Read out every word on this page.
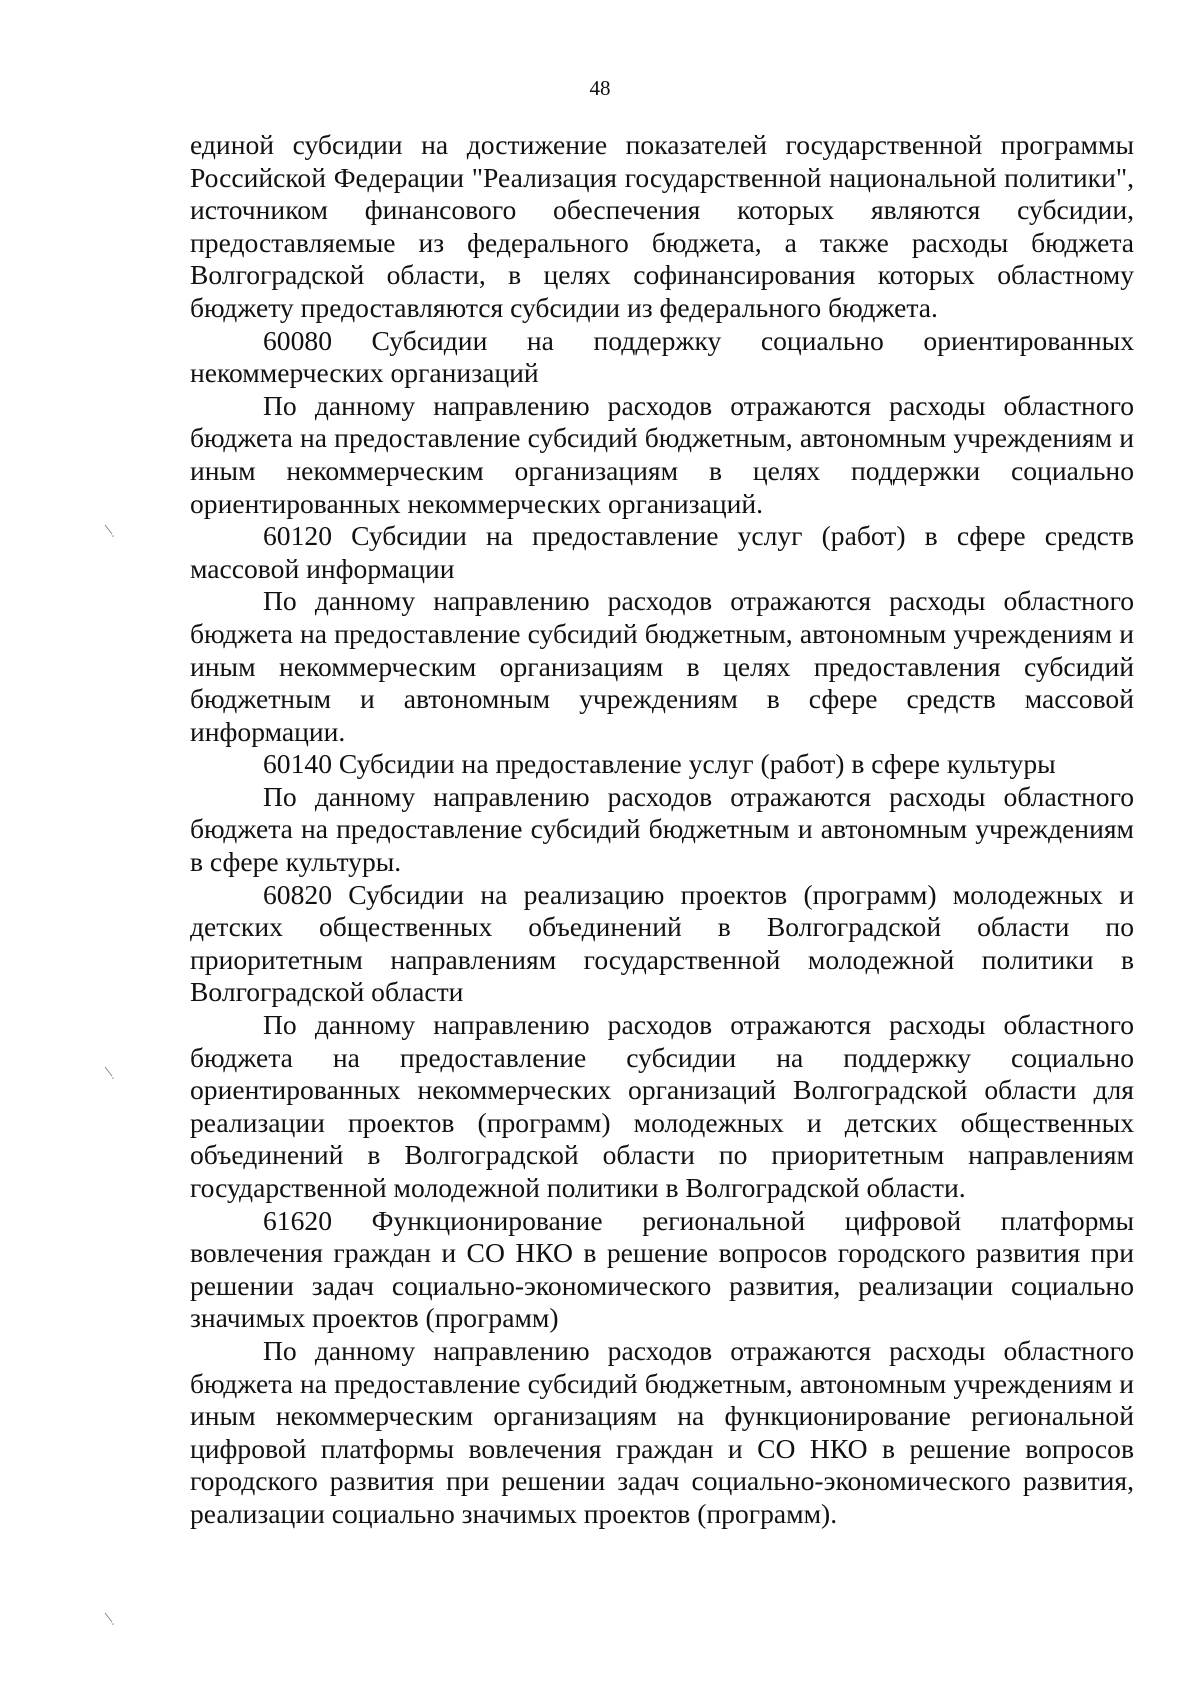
48

единой субсидии на достижение показателей государственной программы Российской Федерации "Реализация государственной национальной политики", источником финансового обеспечения которых являются субсидии, предоставляемые из федерального бюджета, а также расходы бюджета Волгоградской области, в целях софинансирования которых областному бюджету предоставляются субсидии из федерального бюджета.

60080 Субсидии на поддержку социально ориентированных некоммерческих организаций

По данному направлению расходов отражаются расходы областного бюджета на предоставление субсидий бюджетным, автономным учреждениям и иным некоммерческим организациям в целях поддержки социально ориентированных некоммерческих организаций.

60120 Субсидии на предоставление услуг (работ) в сфере средств массовой информации

По данному направлению расходов отражаются расходы областного бюджета на предоставление субсидий бюджетным, автономным учреждениям и иным некоммерческим организациям в целях предоставления субсидий бюджетным и автономным учреждениям в сфере средств массовой информации.

60140 Субсидии на предоставление услуг (работ) в сфере культуры

По данному направлению расходов отражаются расходы областного бюджета на предоставление субсидий бюджетным и автономным учреждениям в сфере культуры.

60820 Субсидии на реализацию проектов (программ) молодежных и детских общественных объединений в Волгоградской области по приоритетным направлениям государственной молодежной политики в Волгоградской области

По данному направлению расходов отражаются расходы областного бюджета на предоставление субсидии на поддержку социально ориентированных некоммерческих организаций Волгоградской области для реализации проектов (программ) молодежных и детских общественных объединений в Волгоградской области по приоритетным направлениям государственной молодежной политики в Волгоградской области.

61620 Функционирование региональной цифровой платформы вовлечения граждан и СО НКО в решение вопросов городского развития при решении задач социально-экономического развития, реализации социально значимых проектов (программ)

По данному направлению расходов отражаются расходы областного бюджета на предоставление субсидий бюджетным, автономным учреждениям и иным некоммерческим организациям на функционирование региональной цифровой платформы вовлечения граждан и СО НКО в решение вопросов городского развития при решении задач социально-экономического развития, реализации социально значимых проектов (программ).
